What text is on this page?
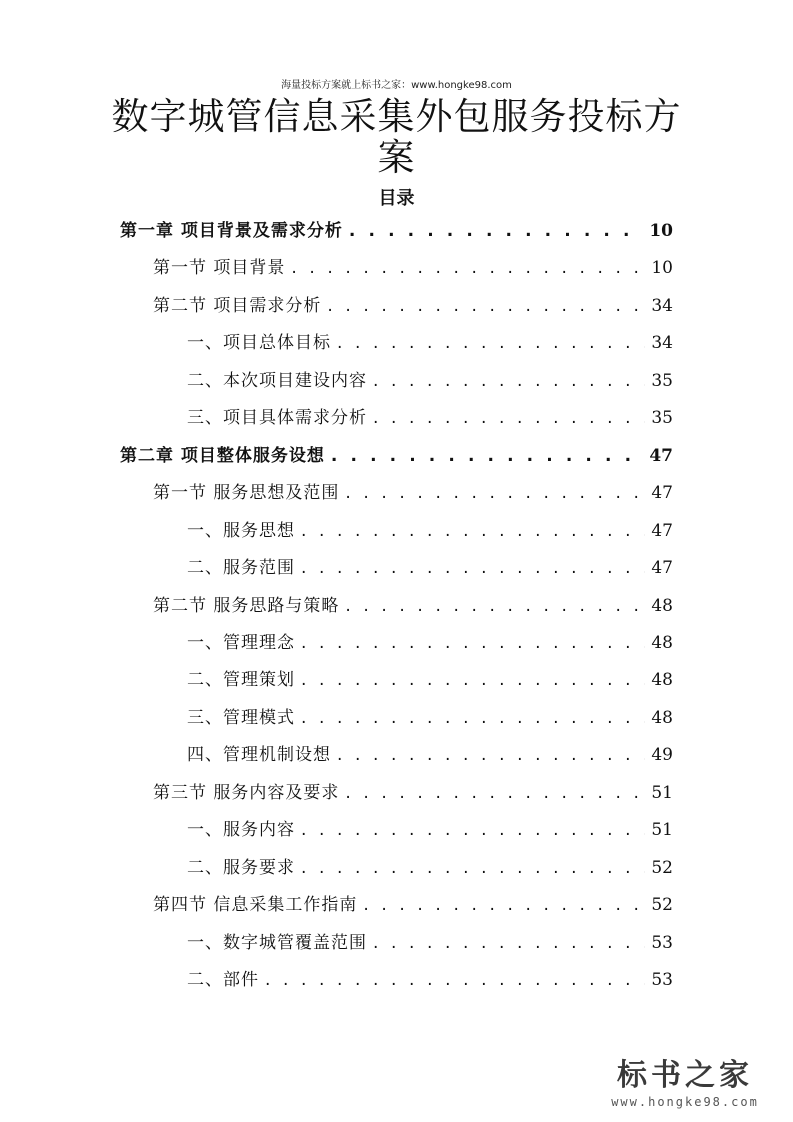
海量投标方案就上标书之家：www.hongke98.com
数字城管信息采集外包服务投标方案
目录
第一章 项目背景及需求分析 . . .	10
第一节 项目背景 . . .	10
第二节 项目需求分析 . . .	34
一、项目总体目标 . . .	34
二、本次项目建设内容 . . .	35
三、项目具体需求分析 . . .	35
第二章 项目整体服务设想 . . .	47
第一节 服务思想及范围 . . .	47
一、服务思想 . . .	47
二、服务范围 . . .	47
第二节 服务思路与策略 . . .	48
一、管理理念 . . .	48
二、管理策划 . . .	48
三、管理模式 . . .	48
四、管理机制设想 . . .	49
第三节 服务内容及要求 . . .	51
一、服务内容 . . .	51
二、服务要求 . . .	52
第四节 信息采集工作指南 . . .	52
一、数字城管覆盖范围 . . .	53
二、部件 . . .	53
标书之家
www.hongke98.com
